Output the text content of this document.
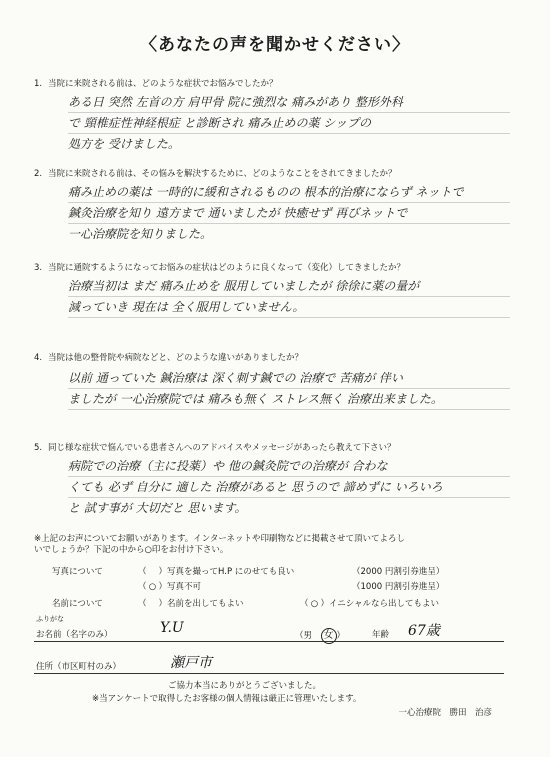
〈あなたの声を聞かせください〉
1. 当院に来院される前は、どのような症状でお悩みでしたか？
ある日 突然 左首の方 肩甲骨 院に強烈な 痛みがあり 整形外科
で 頸椎症性神経根症 と診断され 痛み止めの薬 シップの
処方を 受けました。
2. 当院に来院される前は、その悩みを解決するために、どのようなことをされてきましたか？
痛み止めの薬は 一時的に緩和されるものの 根本的治療にならず ネットで
鍼灸治療を知り 遠方まで 通いましたが 快癒せず 再びネットで
一心治療院を知りました。
3. 当院に通院するようになってお悩みの症状はどのように良くなって（変化）してきましたか？
治療当初は まだ 痛み止めを 服用していましたが 徐徐に薬の量が
減っていき 現在は 全く服用していません。
4. 当院は他の整骨院や病院などと、どのような違いがありましたか？
以前 通っていた 鍼治療は 深く刺す鍼での 治療で 苦痛が 伴い
ましたが 一心治療院では 痛みも無く ストレス無く 治療出来ました。
5. 同じ様な症状で悩んでいる患者さんへのアドバイスやメッセージがあったら教えて下さい？
病院での治療（主に投薬）や 他の鍼灸院での治療が 合わな
くても 必ず 自分に 適した 治療があると 思うので 諦めずに いろいろ
と 試す事が 大切だと 思います。
※上記のお声についてお願いがあります。インターネットや印刷物などに掲載させて頂いてよろし
いでしょうか？下記の中から○印をお付け下さい。
写真について	（ ）写真を撮ってH.P にのせても良い	（2000 円割引券進呈）
（ ○ ）写真不可	（1000 円割引券進呈）
名前について	（ ）名前を出してもよい	（ ○ ）イニシャルなら出してもよい
ふりがな
お名前（名字のみ）	Y.U	（男　 女 ）	年齢 67歳
住所（市区町村のみ）	瀬戸市
ご協力本当にありがとうございました。
※当アンケートで取得したお客様の個人情報は厳正に管理いたします。
一心治療院　勝田　治彦
